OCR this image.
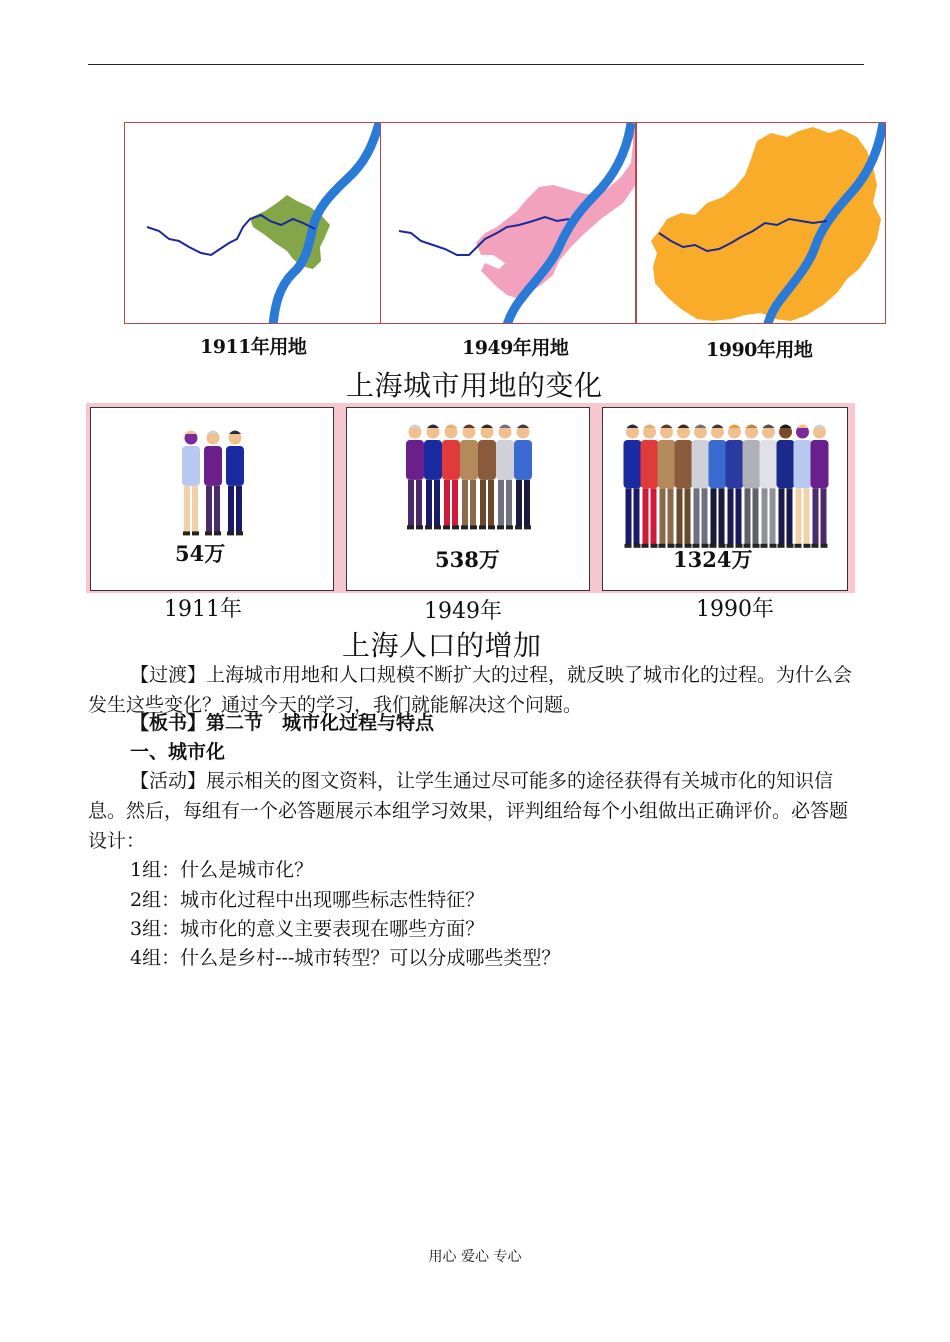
1911年用地	1949年用地	1990年用地
上海城市用地的变化
54万	538万	1324万
1911年	1949年	1990年
上海人口的增加
【过渡】上海城市用地和人口规模不断扩大的过程，就反映了城市化的过程。为什么会发生这些变化？通过今天的学习，我们就能解决这个问题。
【板书】第二节　城市化过程与特点
一、城市化
【活动】展示相关的图文资料，让学生通过尽可能多的途径获得有关城市化的知识信息。然后，每组有一个必答题展示本组学习效果，评判组给每个小组做出正确评价。必答题设计：
1组：什么是城市化？
2组：城市化过程中出现哪些标志性特征？
3组：城市化的意义主要表现在哪些方面？
4组：什么是乡村---城市转型？可以分成哪些类型？
用心 爱心 专心
